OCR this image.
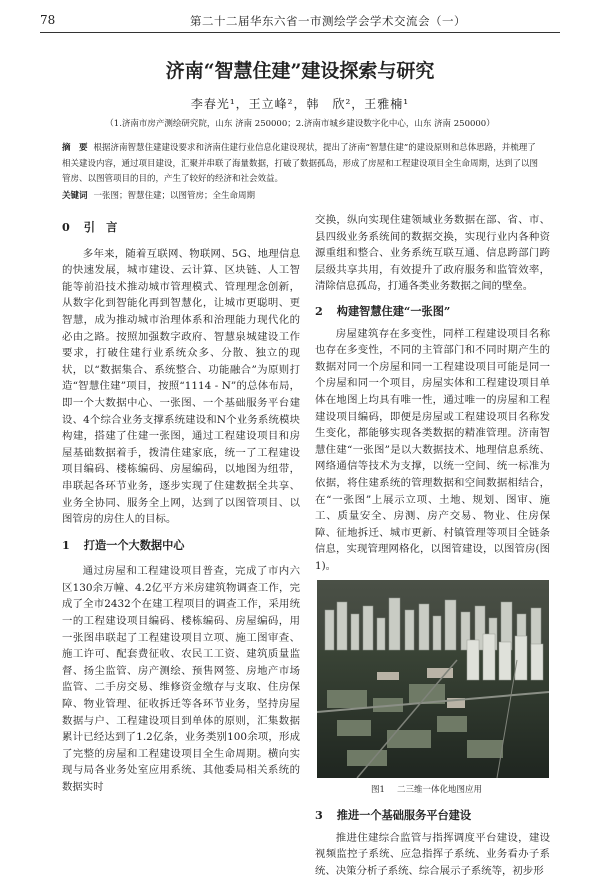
78	第二十二届华东六省一市测绘学会学术交流会（一）
济南“智慧住建”建设探索与研究
李春光¹，王立峰²，韩　欣²，王雅楠¹
（1.济南市房产测绘研究院，山东 济南 250000；2.济南市城乡建设数字化中心，山东 济南 250000）
摘　要 根据济南智慧住建建设要求和济南住建行业信息化建设现状，提出了济南“智慧住建”的建设原则和总体思路，并梳理了相关建设内容，通过项目建设，汇聚并串联了海量数据，打破了数据孤岛，形成了房屋和工程建设项目全生命周期，达到了以图管房、以图管项目的目的，产生了较好的经济和社会效益。
关键词 一张图；智慧住建；以图管房；全生命周期
0 引　言

多年来，随着互联网、物联网、5G、地理信息的快速发展，城市建设、云计算、区块链、人工智能等前沿技术推动城市管理模式、管理理念创新，从数字化到智能化再到智慧化，让城市更聪明、更智慧，成为推动城市治理体系和治理能力现代化的必由之路。按照加强数字政府、智慧泉城建设工作要求，打破住建行业系统众多、分散、独立的现状，以“数据集合、系统整合、功能融合”为原则打造“智慧住建”项目，按照“1114 - N”的总体布局，即一个大数据中心、一张图、一个基础服务平台建设、4个综合业务支撑系统建设和N个业务系统模块构建，搭建了住建一张图，通过工程建设项目和房屋基础数据着手，拨清住建家底，统一了工程建设项目编码、楼栋编码、房屋编码，以地图为纽带，串联起各环节业务，逐步实现了住建数据全共享、业务全协同、服务全上网，达到了以图管项目、以图管房的房住人的目标。

1 打造一个大数据中心

通过房屋和工程建设项目普查，完成了市内六区130余万幢、4.2亿平方米房建筑物调查工作，完成了全市2432个在建工程项目的调查工作，采用统一的工程建设项目编码、楼栋编码、房屋编码，用一张图串联起了工程建设项目立项、施工图审查、施工许可、配套费征收、农民工工资、建筑质量监督、扬尘监管、房产测绘、预售网签、房地产市场监管、二手房交易、维修资金缴存与支取、住房保障、物业管理、征收拆迁等各环节业务，坚持房屋数据与户、工程建设项目到单体的原则，汇集数据累计已经达到了1.2亿条，业务类别100余项，形成了完整的房屋和工程建设项目全生命周期。横向实现与局各业务处室应用系统、其他委局相关系统的数据实时

交换，纵向实现住建领域业务数据在部、省、市、县四级业务系统间的数据交换，实现行业内各种资源重组和整合、业务系统互联互通、信息跨部门跨层级共享共用，有效提升了政府服务和监管效率，清除信息孤岛，打通各类业务数据之间的壁垒。

2 构建智慧住建“一张图”

房屋建筑存在多变性，同样工程建设项目名称也存在多变性，不同的主管部门和不同时期产生的数据对同一个房屋和同一工程建设项目可能是同一个房屋和同一个项目，房屋实体和工程建设项目单体在地图上均具有唯一性，通过唯一的房屋和工程建设项目编码，即便是房屋或工程建设项目名称发生变化，都能够实现各类数据的精准管理。济南智慧住建“一张图”是以大数据技术、地理信息系统、网络通信等技术为支撑，以统一空间、统一标准为依据，将住建系统的管理数据和空间数据相结合，在“一张图”上展示立项、土地、规划、图审、施工、质量安全、房测、房产交易、物业、住房保障、征地拆迁、城市更新、村镇管理等项目全链条信息，实现管理网格化，以图管建设，以图管房(图1)。

图1 二三维一体化地图应用
3 推进一个基础服务平台建设

推进住建综合监管与指挥调度平台建设，建设视频监控子系统、应急指挥子系统、业务看办子系统、决策分析子系统、综合展示子系统等，初步形
